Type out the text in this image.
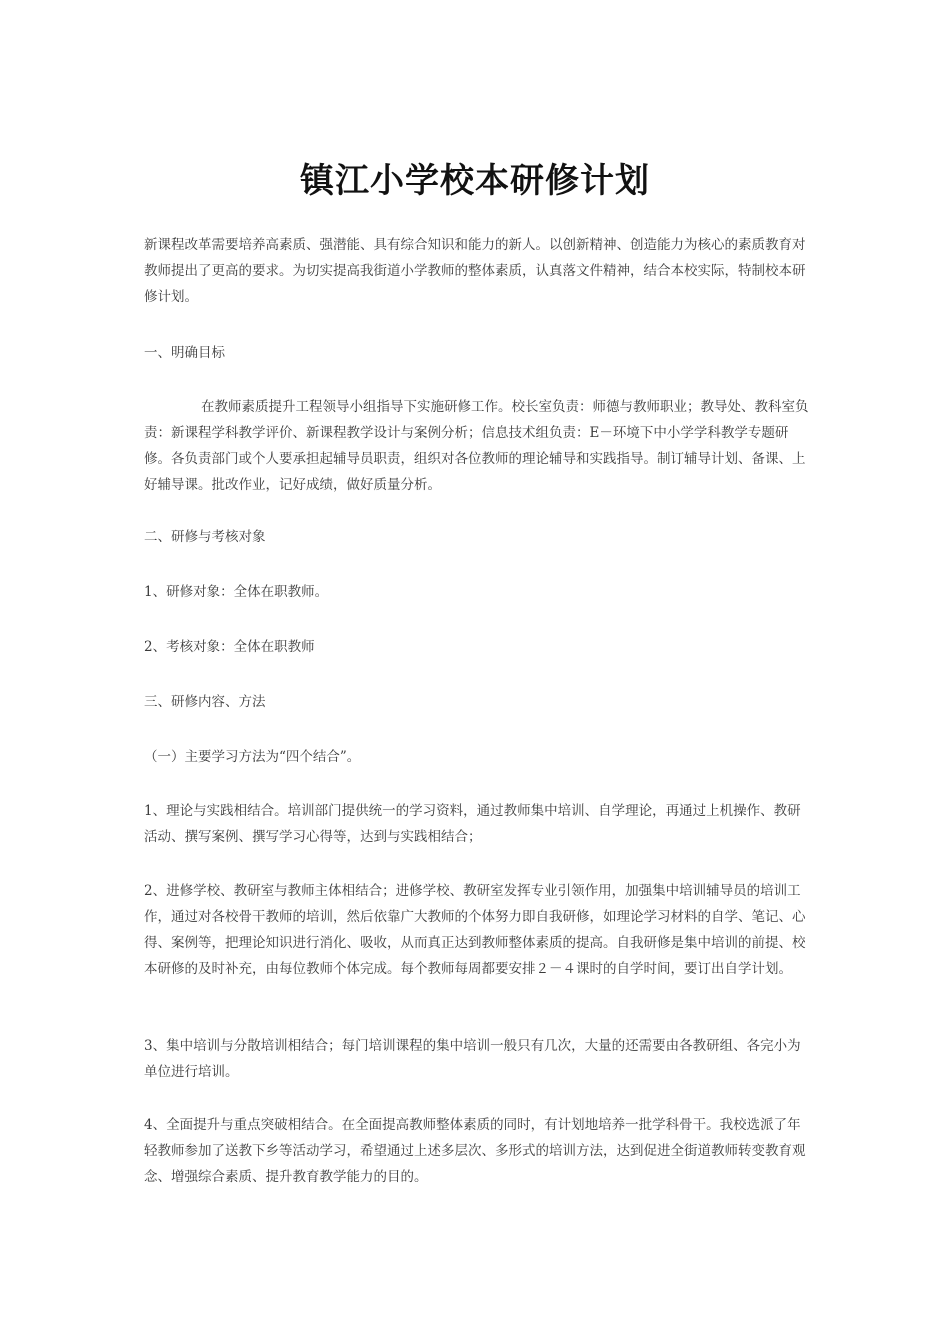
镇江小学校本研修计划

新课程改革需要培养高素质、强潜能、具有综合知识和能力的新人。以创新精神、创造能力为核心的素质教育对教师提出了更高的要求。为切实提高我街道小学教师的整体素质，认真落文件精神，结合本校实际，特制校本研修计划。

一、明确目标

在教师素质提升工程领导小组指导下实施研修工作。校长室负责：师德与教师职业；教导处、教科室负责：新课程学科教学评价、新课程教学设计与案例分析；信息技术组负责：E－环境下中小学学科教学专题研修。各负责部门或个人要承担起辅导员职责，组织对各位教师的理论辅导和实践指导。制订辅导计划、备课、上好辅导课。批改作业，记好成绩，做好质量分析。

二、研修与考核对象

1、研修对象：全体在职教师。

2、考核对象：全体在职教师

三、研修内容、方法

（一）主要学习方法为“四个结合”。

1、理论与实践相结合。培训部门提供统一的学习资料，通过教师集中培训、自学理论，再通过上机操作、教研活动、撰写案例、撰写学习心得等，达到与实践相结合；

2、进修学校、教研室与教师主体相结合；进修学校、教研室发挥专业引领作用，加强集中培训辅导员的培训工作，通过对各校骨干教师的培训，然后依靠广大教师的个体努力即自我研修，如理论学习材料的自学、笔记、心得、案例等，把理论知识进行消化、吸收，从而真正达到教师整体素质的提高。自我研修是集中培训的前提、校本研修的及时补充，由每位教师个体完成。每个教师每周都要安排２－４课时的自学时间，要订出自学计划。

3、集中培训与分散培训相结合；每门培训课程的集中培训一般只有几次，大量的还需要由各教研组、各完小为单位进行培训。

4、全面提升与重点突破相结合。在全面提高教师整体素质的同时，有计划地培养一批学科骨干。我校选派了年轻教师参加了送教下乡等活动学习，希望通过上述多层次、多形式的培训方法，达到促进全街道教师转变教育观念、增强综合素质、提升教育教学能力的目的。
